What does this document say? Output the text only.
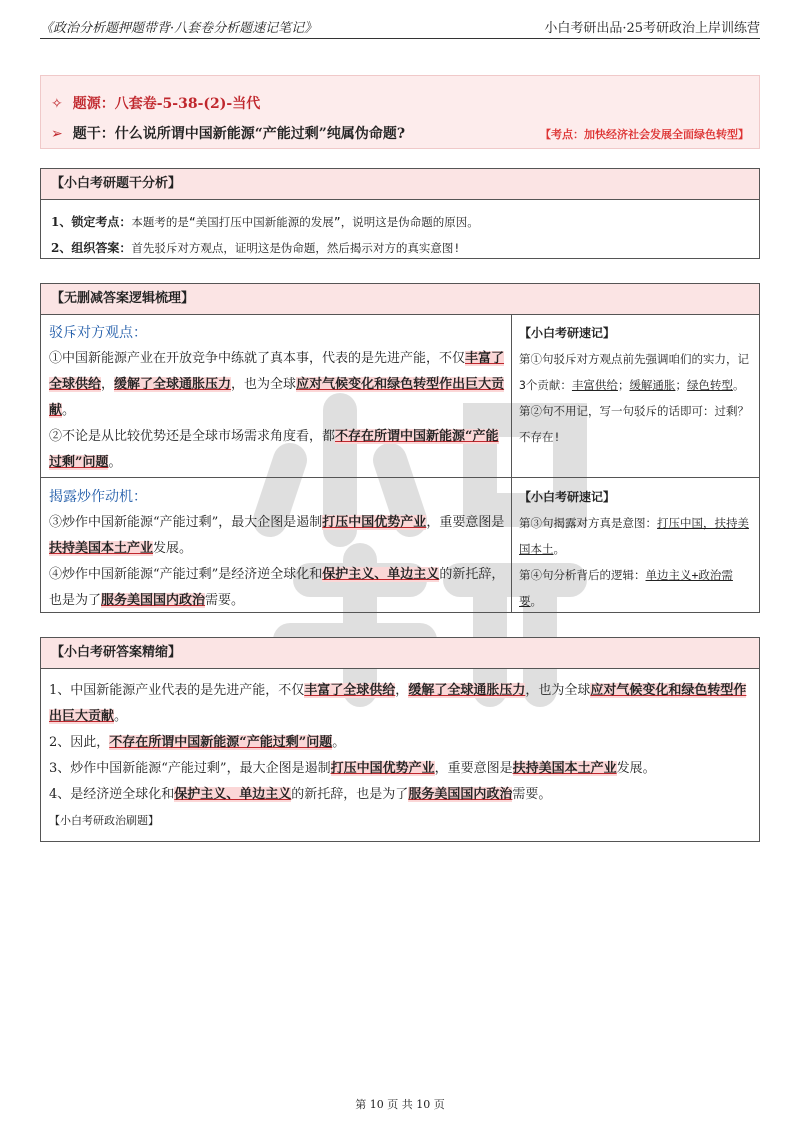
《政治分析题押题带背·八套卷分析题速记笔记》	小白考研出品·25考研政治上岸训练营
✧ 题源：八套卷-5-38-(2)-当代
➢ 题干：什么说所谓中国新能源“产能过剩”纯属伪命题?	【考点：加快经济社会发展全面绿色转型】
【小白考研题干分析】
1、锁定考点：本题考的是“美国打压中国新能源的发展”，说明这是伪命题的原因。
2、组织答案：首先驳斥对方观点，证明这是伪命题，然后揭示对方的真实意图!
【无删减答案逻辑梳理】
驳斥对方观点：
①中国新能源产业在开放竞争中练就了真本事，代表的是先进产能，不仅丰富了全球供给，缓解了全球通胀压力，也为全球应对气候变化和绿色转型作出巨大贡献。
②不论是从比较优势还是全球市场需求角度看，都不存在所谓中国新能源“产能过剩”问题。
揭露炒作动机：
③炒作中国新能源“产能过剩”，最大企图是遏制打压中国优势产业，重要意图是扶持美国本土产业发展。
④炒作中国新能源“产能过剩”是经济逆全球化和保护主义、单边主义的新托辞，也是为了服务美国国内政治需要。
【小白考研速记】
第①句驳斥对方观点前先强调咱们的实力，记3个贡献：丰富供给；缓解通胀；绿色转型。
第②句不用记，写一句驳斥的话即可：过剩？不存在!
【小白考研速记】
第③句揭露对方真是意图：打压中国，扶持美国本土。
第④句分析背后的逻辑：单边主义+政治需要。
【小白考研答案精缩】
1、中国新能源产业代表的是先进产能，不仅丰富了全球供给，缓解了全球通胀压力，也为全球应对气候变化和绿色转型作出巨大贡献。
2、因此，不存在所谓中国新能源“产能过剩”问题。
3、炒作中国新能源“产能过剩”，最大企图是遏制打压中国优势产业，重要意图是扶持美国本土产业发展。
4、是经济逆全球化和保护主义、单边主义的新托辞，也是为了服务美国国内政治需要。
【小白考研政治刷题】
第 10 页 共 10 页
